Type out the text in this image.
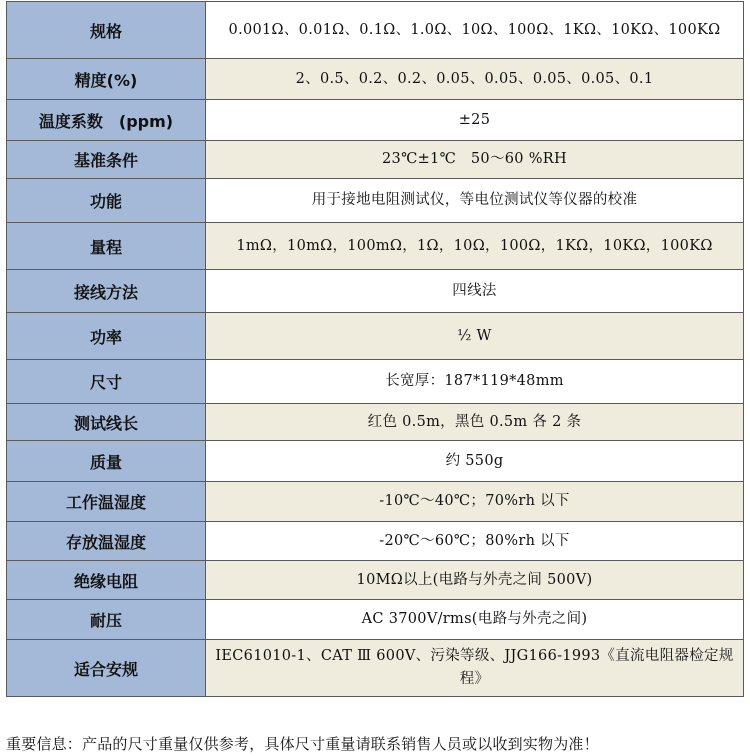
规格	0.001Ω、0.01Ω、0.1Ω、1.0Ω、10Ω、100Ω、1KΩ、10KΩ、100KΩ
精度(%)	2、0.5、0.2、0.2、0.05、0.05、0.05、0.05、0.1
温度系数　(ppm)	±25
基准条件	23℃±1℃　50～60 %RH
功能	用于接地电阻测试仪，等电位测试仪等仪器的校准
量程	1mΩ，10mΩ，100mΩ，1Ω，10Ω，100Ω，1KΩ，10KΩ，100KΩ
接线方法	四线法
功率	½ W
尺寸	长宽厚：187*119*48mm
测试线长	红色 0.5m，黑色 0.5m 各 2 条
质量	约 550g
工作温湿度	-10℃～40℃；70%rh 以下
存放温湿度	-20℃～60℃；80%rh 以下
绝缘电阻	10MΩ以上(电路与外壳之间 500V)
耐压	AC 3700V/rms(电路与外壳之间)
适合安规	IEC61010-1、CAT Ⅲ 600V、污染等级、JJG166-1993《直流电阻器检定规程》
重要信息：产品的尺寸重量仅供参考，具体尺寸重量请联系销售人员或以收到实物为准！
